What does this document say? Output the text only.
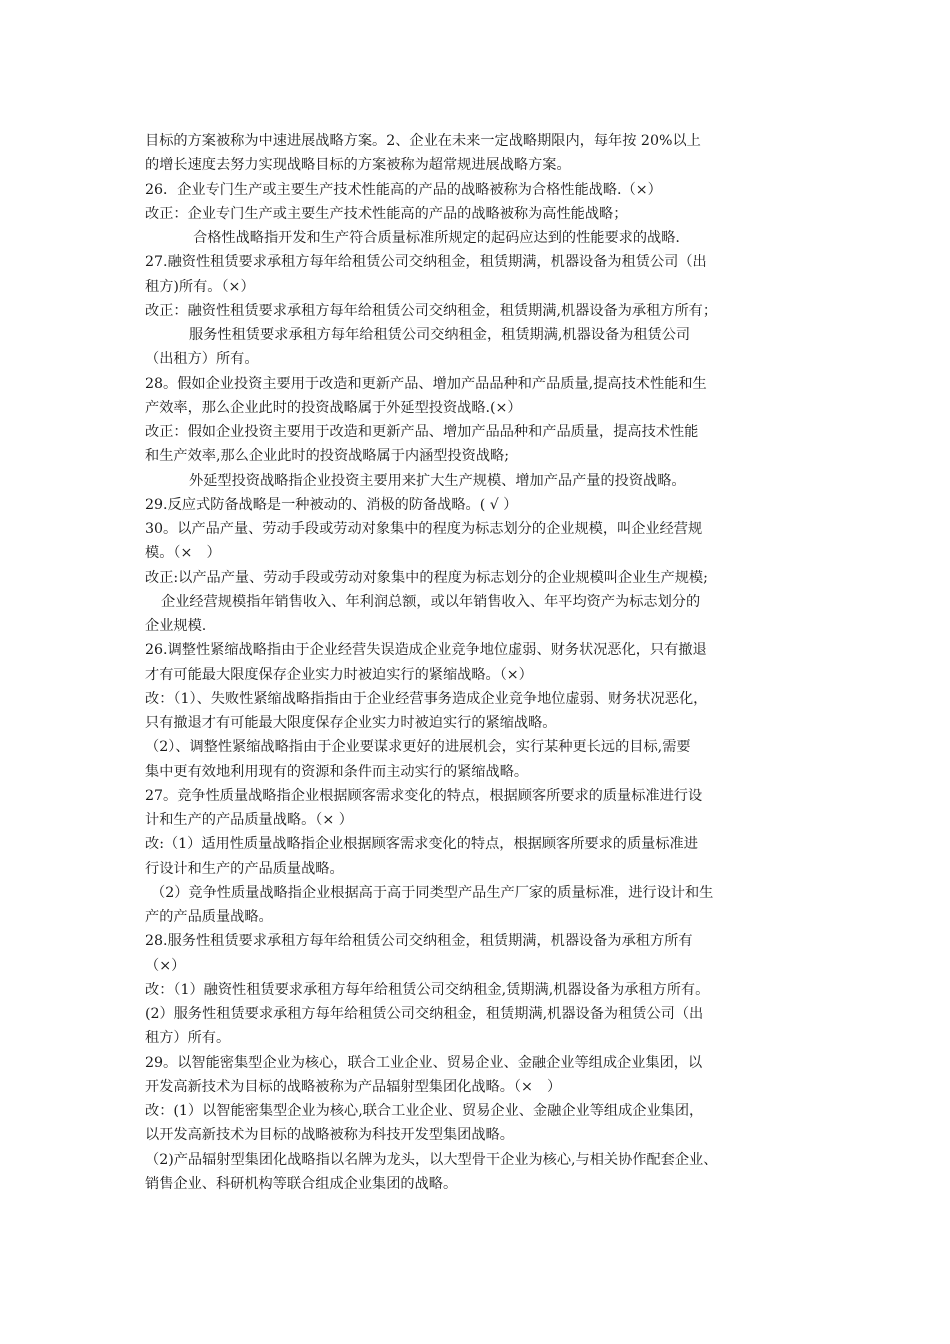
目标的方案被称为中速进展战略方案。2、企业在未来一定战略期限内，每年按 20%以上
的增长速度去努力实现战略目标的方案被称为超常规进展战略方案。
26．企业专门生产或主要生产技术性能高的产品的战略被称为合格性能战略.（×）
改正：企业专门生产或主要生产技术性能高的产品的战略被称为高性能战略；
合格性战略指开发和生产符合质量标准所规定的起码应达到的性能要求的战略.
27.融资性租赁要求承租方每年给租赁公司交纳租金，租赁期满，机器设备为租赁公司（出
租方)所有。（×）
改正：融资性租赁要求承租方每年给租赁公司交纳租金，租赁期满,机器设备为承租方所有；
服务性租赁要求承租方每年给租赁公司交纳租金，租赁期满,机器设备为租赁公司
（出租方）所有。
28。假如企业投资主要用于改造和更新产品、增加产品品种和产品质量,提高技术性能和生
产效率，那么企业此时的投资战略属于外延型投资战略.(×）
改正：假如企业投资主要用于改造和更新产品、增加产品品种和产品质量，提高技术性能
和生产效率,那么企业此时的投资战略属于内涵型投资战略;
外延型投资战略指企业投资主要用来扩大生产规模、增加产品产量的投资战略。
29.反应式防备战略是一种被动的、消极的防备战略。( √ ）
30。以产品产量、劳动手段或劳动对象集中的程度为标志划分的企业规模，叫企业经营规
模。（×　）
改正:以产品产量、劳动手段或劳动对象集中的程度为标志划分的企业规模叫企业生产规模;
企业经营规模指年销售收入、年利润总额，或以年销售收入、年平均资产为标志划分的
企业规模.
26.调整性紧缩战略指由于企业经营失误造成企业竞争地位虚弱、财务状况恶化，只有撤退
才有可能最大限度保存企业实力时被迫实行的紧缩战略。（×）
改：（1）、失败性紧缩战略指指由于企业经营事务造成企业竞争地位虚弱、财务状况恶化，
只有撤退才有可能最大限度保存企业实力时被迫实行的紧缩战略。
（2）、调整性紧缩战略指由于企业要谋求更好的进展机会，实行某种更长远的目标,需要
集中更有效地利用现有的资源和条件而主动实行的紧缩战略。
27。竞争性质量战略指企业根据顾客需求变化的特点，根据顾客所要求的质量标准进行设
计和生产的产品质量战略。（× ）
改:（1）适用性质量战略指企业根据顾客需求变化的特点，根据顾客所要求的质量标准进
行设计和生产的产品质量战略。
（2）竞争性质量战略指企业根据高于高于同类型产品生产厂家的质量标准，进行设计和生
产的产品质量战略。
28.服务性租赁要求承租方每年给租赁公司交纳租金，租赁期满，机器设备为承租方所有
（×）
改：（1）融资性租赁要求承租方每年给租赁公司交纳租金,赁期满,机器设备为承租方所有。
(2）服务性租赁要求承租方每年给租赁公司交纳租金，租赁期满,机器设备为租赁公司（出
租方）所有。
29。以智能密集型企业为核心，联合工业企业、贸易企业、金融企业等组成企业集团，以
开发高新技术为目标的战略被称为产品辐射型集团化战略。（×　）
改：(1）以智能密集型企业为核心,联合工业企业、贸易企业、金融企业等组成企业集团，
以开发高新技术为目标的战略被称为科技开发型集团战略。
（2)产品辐射型集团化战略指以名牌为龙头，以大型骨干企业为核心,与相关协作配套企业、
销售企业、科研机构等联合组成企业集团的战略。
